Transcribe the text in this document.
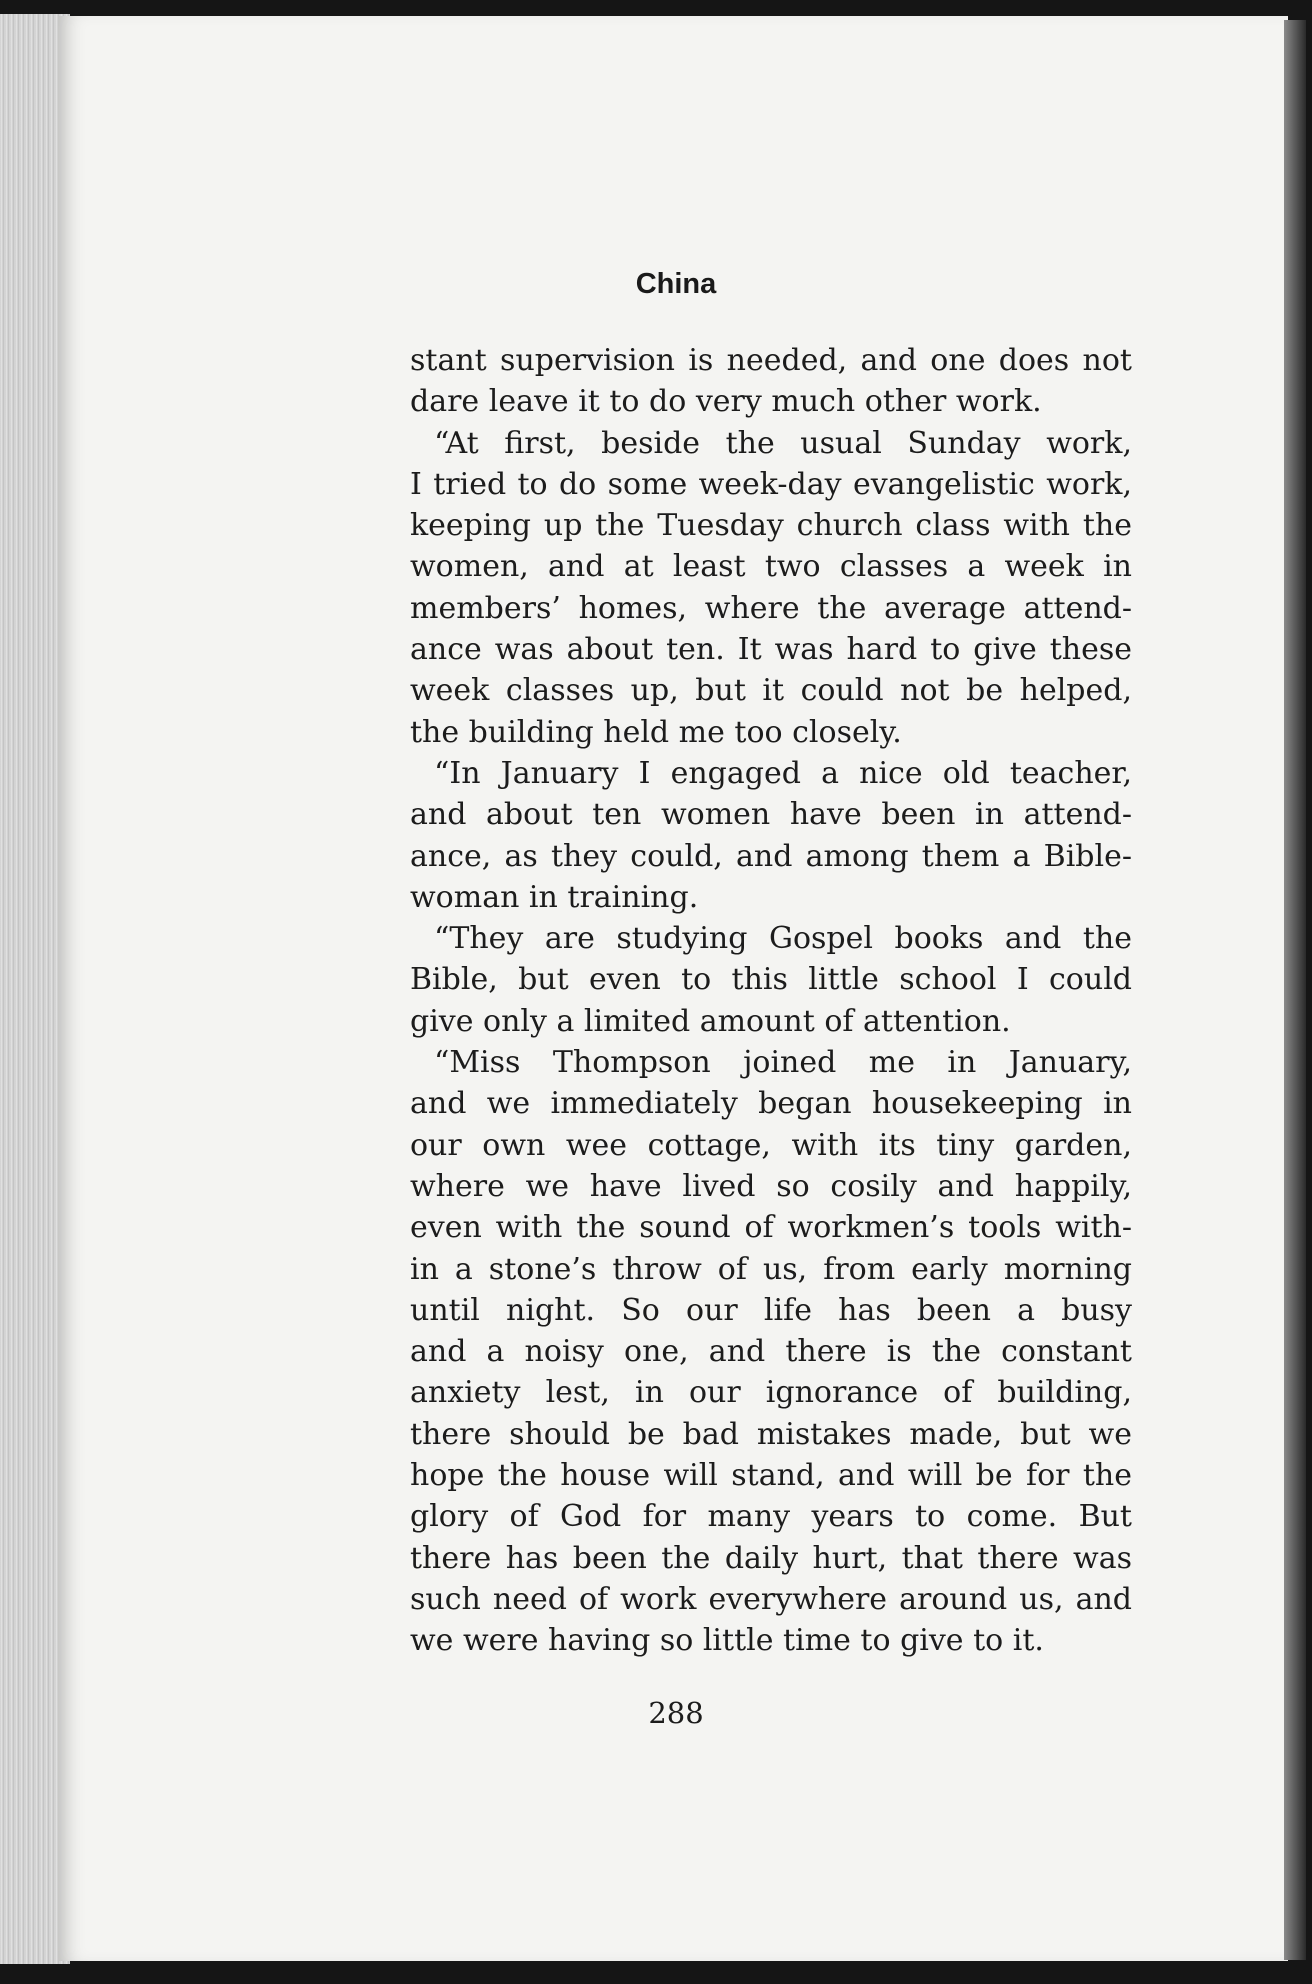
China
stant supervision is needed, and one does not
dare leave it to do very much other work.
“At first, beside the usual Sunday work,
I tried to do some week-day evangelistic work,
keeping up the Tuesday church class with the
women, and at least two classes a week in
members’ homes, where the average attend-
ance was about ten. It was hard to give these
week classes up, but it could not be helped,
the building held me too closely.
“In January I engaged a nice old teacher,
and about ten women have been in attend-
ance, as they could, and among them a Bible-
woman in training.
“They are studying Gospel books and the
Bible, but even to this little school I could
give only a limited amount of attention.
“Miss Thompson joined me in January,
and we immediately began housekeeping in
our own wee cottage, with its tiny garden,
where we have lived so cosily and happily,
even with the sound of workmen’s tools with-
in a stone’s throw of us, from early morning
until night. So our life has been a busy
and a noisy one, and there is the constant
anxiety lest, in our ignorance of building,
there should be bad mistakes made, but we
hope the house will stand, and will be for the
glory of God for many years to come. But
there has been the daily hurt, that there was
such need of work everywhere around us, and
we were having so little time to give to it.
288
